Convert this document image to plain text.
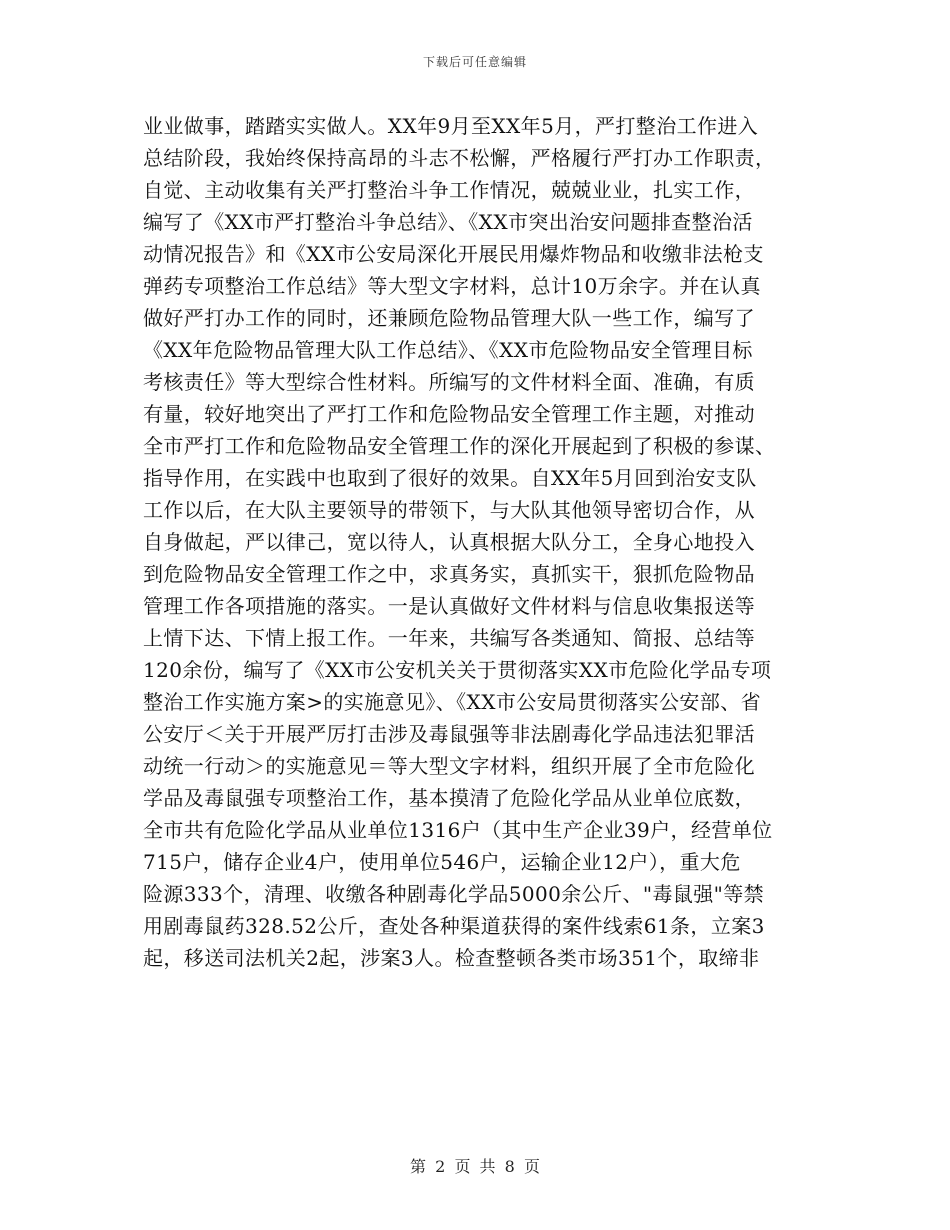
下载后可任意编辑
业业做事，踏踏实实做人。XX年9月至XX年5月，严打整治工作进入
总结阶段，我始终保持高昂的斗志不松懈，严格履行严打办工作职责，
自觉、主动收集有关严打整治斗争工作情况，兢兢业业，扎实工作，
编写了《XX市严打整治斗争总结》、《XX市突出治安问题排查整治活
动情况报告》和《XX市公安局深化开展民用爆炸物品和收缴非法枪支
弹药专项整治工作总结》等大型文字材料，总计10万余字。并在认真
做好严打办工作的同时，还兼顾危险物品管理大队一些工作，编写了
《XX年危险物品管理大队工作总结》、《XX市危险物品安全管理目标
考核责任》等大型综合性材料。所编写的文件材料全面、准确，有质
有量，较好地突出了严打工作和危险物品安全管理工作主题，对推动
全市严打工作和危险物品安全管理工作的深化开展起到了积极的参谋、
指导作用，在实践中也取到了很好的效果。自XX年5月回到治安支队
工作以后，在大队主要领导的带领下，与大队其他领导密切合作，从
自身做起，严以律己，宽以待人，认真根据大队分工，全身心地投入
到危险物品安全管理工作之中，求真务实，真抓实干，狠抓危险物品
管理工作各项措施的落实。一是认真做好文件材料与信息收集报送等
上情下达、下情上报工作。一年来，共编写各类通知、简报、总结等
120余份，编写了《XX市公安机关关于贯彻落实XX市危险化学品专项
整治工作实施方案>的实施意见》、《XX市公安局贯彻落实公安部、省
公安厅＜关于开展严厉打击涉及毒鼠强等非法剧毒化学品违法犯罪活
动统一行动＞的实施意见＝等大型文字材料，组织开展了全市危险化
学品及毒鼠强专项整治工作，基本摸清了危险化学品从业单位底数，
全市共有危险化学品从业单位1316户（其中生产企业39户，经营单位
715户，储存企业4户，使用单位546户，运输企业12户），重大危
险源333个，清理、收缴各种剧毒化学品5000余公斤、"毒鼠强"等禁
用剧毒鼠药328.52公斤，查处各种渠道获得的案件线索61条，立案3
起，移送司法机关2起，涉案3人。检查整顿各类市场351个，取缔非
第 2 页 共 8 页
